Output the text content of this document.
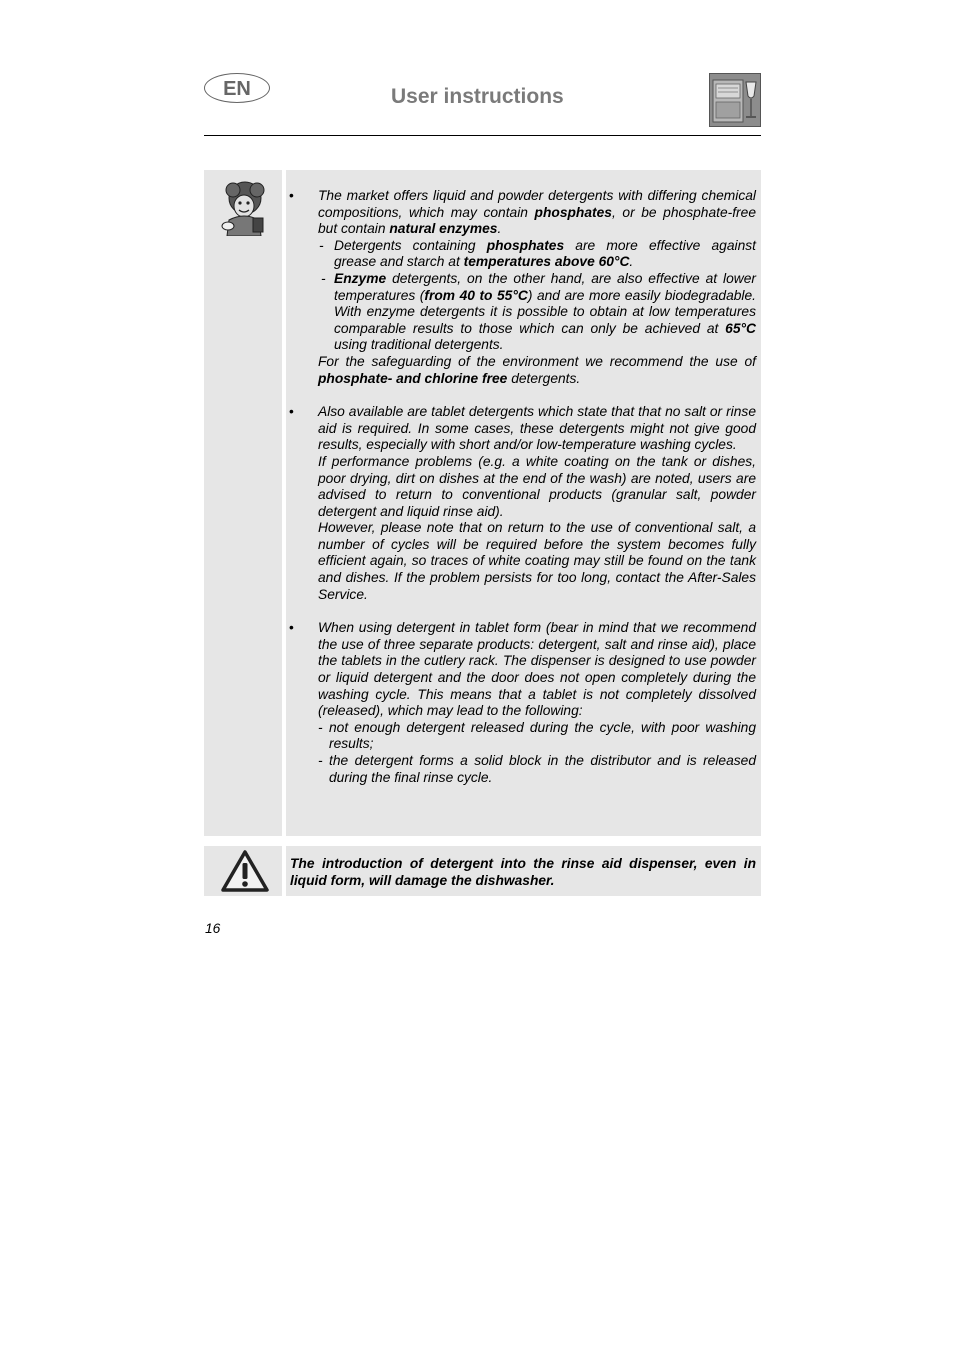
EN	User instructions
• The market offers liquid and powder detergents with differing chemical compositions, which may contain phosphates, or be phosphate-free but contain natural enzymes.
- Detergents containing phosphates are more effective against grease and starch at temperatures above 60°C.
- Enzyme detergents, on the other hand, are also effective at lower temperatures (from 40 to 55°C) and are more easily biodegradable. With enzyme detergents it is possible to obtain at low temperatures comparable results to those which can only be achieved at 65°C using traditional detergents.
For the safeguarding of the environment we recommend the use of phosphate- and chlorine free detergents.
• Also available are tablet detergents which state that that no salt or rinse aid is required. In some cases, these detergents might not give good results, especially with short and/or low-temperature washing cycles.
If performance problems (e.g. a white coating on the tank or dishes, poor drying, dirt on dishes at the end of the wash) are noted, users are advised to return to conventional products (granular salt, powder detergent and liquid rinse aid).
However, please note that on return to the use of conventional salt, a number of cycles will be required before the system becomes fully efficient again, so traces of white coating may still be found on the tank and dishes. If the problem persists for too long, contact the After-Sales Service.
• When using detergent in tablet form (bear in mind that we recommend the use of three separate products: detergent, salt and rinse aid), place the tablets in the cutlery rack. The dispenser is designed to use powder or liquid detergent and the door does not open completely during the washing cycle. This means that a tablet is not completely dissolved (released), which may lead to the following:
- not enough detergent released during the cycle, with poor washing results;
- the detergent forms a solid block in the distributor and is released during the final rinse cycle.
The introduction of detergent into the rinse aid dispenser, even in liquid form, will damage the dishwasher.
16
